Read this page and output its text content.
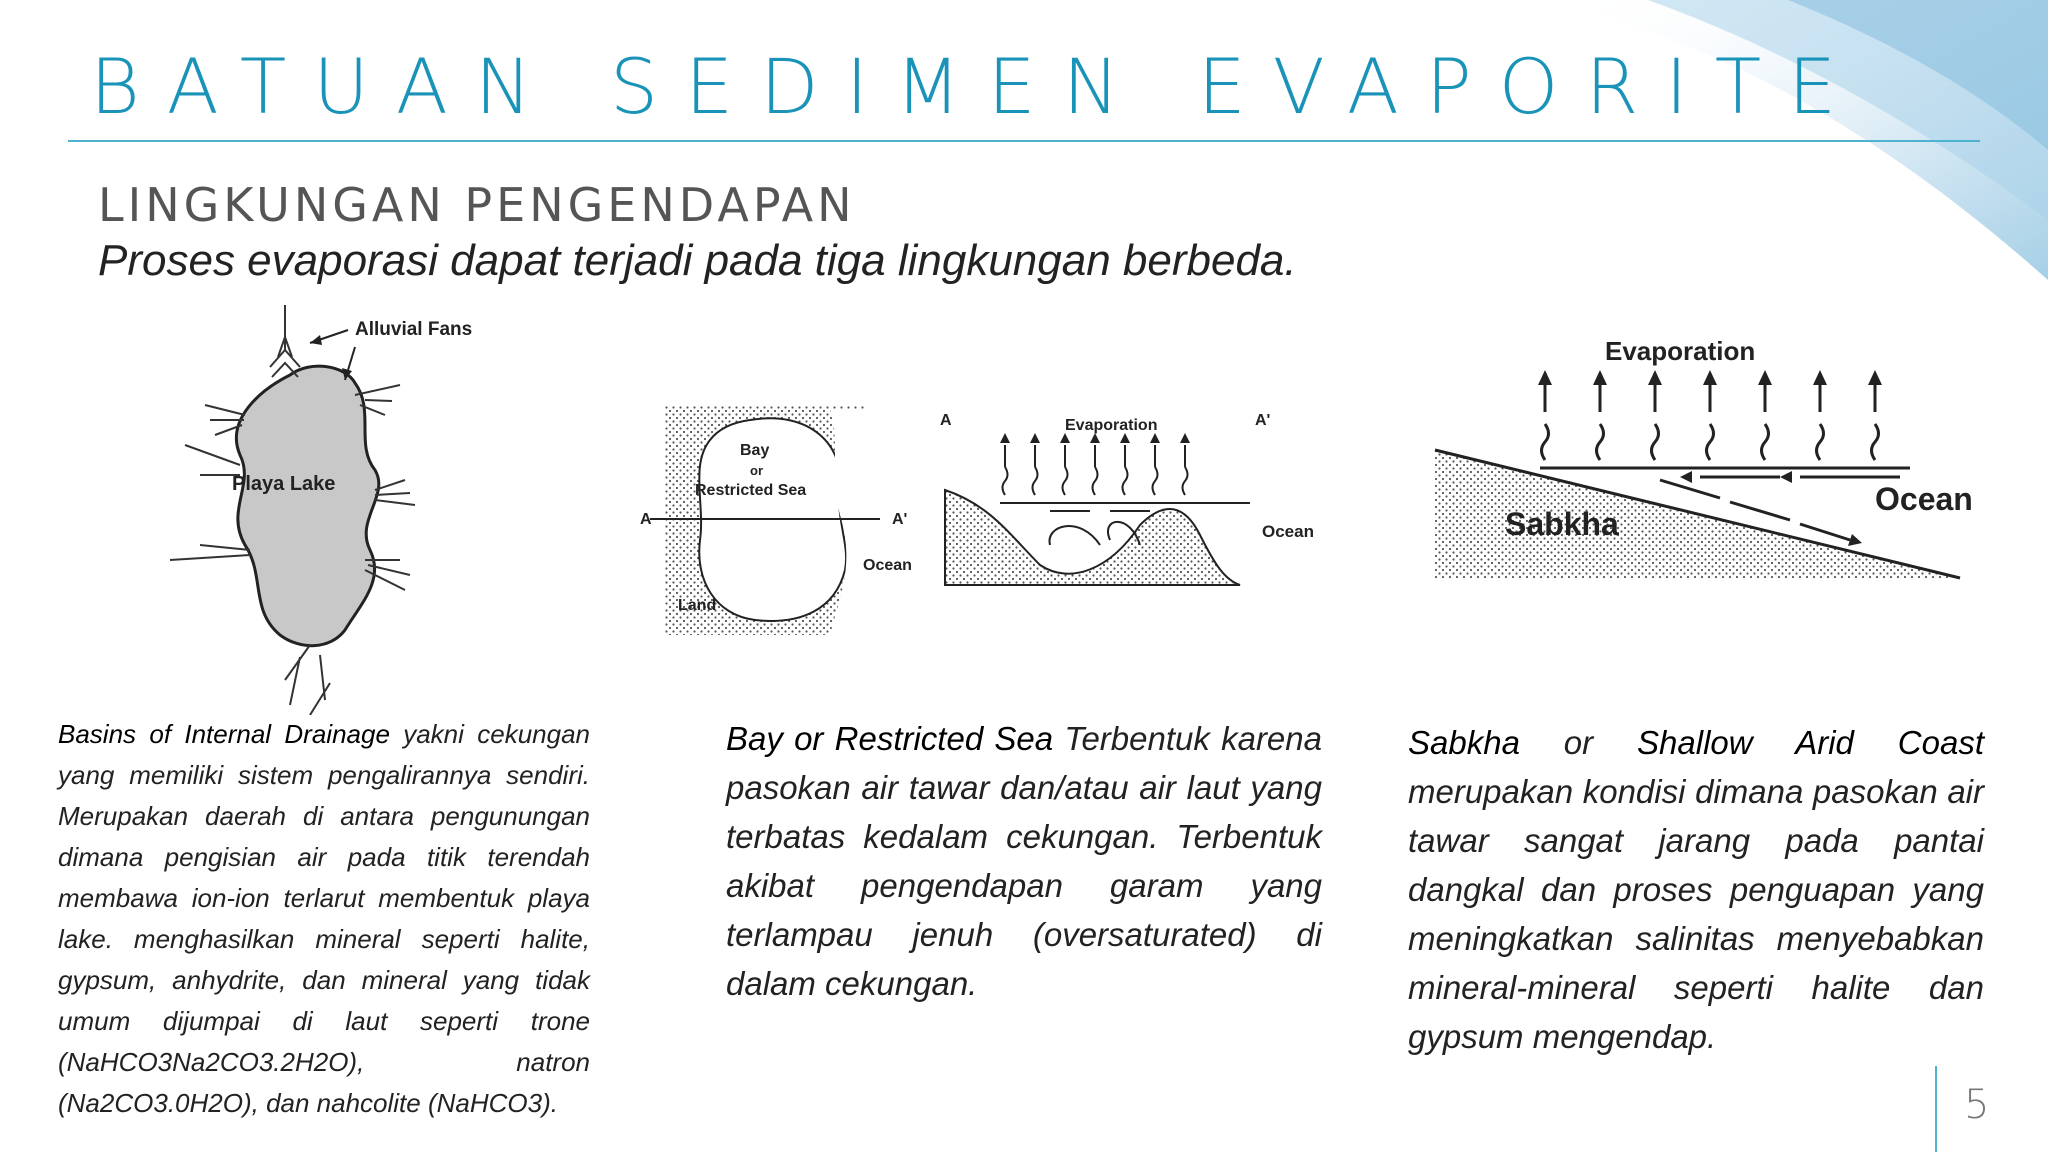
BATUAN SEDIMEN EVAPORITE
LINGKUNGAN PENGENDAPAN

Proses evaporasi dapat terjadi pada tiga lingkungan berbeda.

Alluvial Fans
Playa Lake
Bay
or
Restricted Sea
A	A'
Ocean
Land
A	A'
Evaporation
Ocean
Evaporation
Sabkha
Ocean

Basins of Internal Drainage yakni cekungan yang memiliki sistem pengalirannya sendiri. Merupakan daerah di antara pengunungan dimana pengisian air pada titik terendah membawa ion-ion terlarut membentuk playa lake. menghasilkan mineral seperti halite, gypsum, anhydrite, dan mineral yang tidak umum dijumpai di laut seperti trone (NaHCO3Na2CO3.2H2O), natron (Na2CO3.0H2O), dan nahcolite (NaHCO3).

Bay or Restricted Sea Terbentuk karena pasokan air tawar dan/atau air laut yang terbatas kedalam cekungan. Terbentuk akibat pengendapan garam yang terlampau jenuh (oversaturated) di dalam cekungan.

Sabkha or Shallow Arid Coast merupakan kondisi dimana pasokan air tawar sangat jarang pada pantai dangkal dan proses penguapan yang meningkatkan salinitas menyebabkan mineral-mineral seperti halite dan gypsum mengendap.

5
